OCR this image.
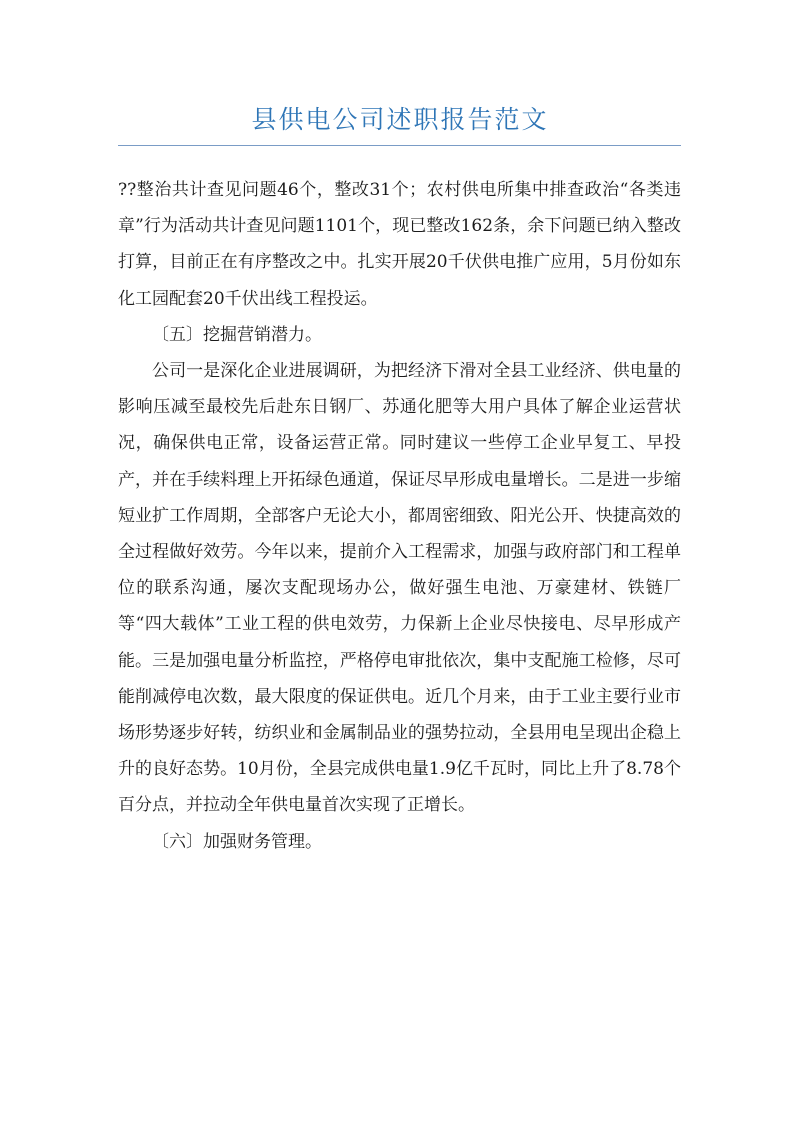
县供电公司述职报告范文

??整治共计查见问题46个，整改31个；农村供电所集中排查政治“各类违章”行为活动共计查见问题1101个，现已整改162条，余下问题已纳入整改打算，目前正在有序整改之中。扎实开展20千伏供电推广应用，5月份如东化工园配套20千伏出线工程投运。

〔五〕挖掘营销潜力。

公司一是深化企业进展调研，为把经济下滑对全县工业经济、供电量的影响压减至最校先后赴东日钢厂、苏通化肥等大用户具体了解企业运营状况，确保供电正常，设备运营正常。同时建议一些停工企业早复工、早投产，并在手续料理上开拓绿色通道，保证尽早形成电量增长。二是进一步缩短业扩工作周期，全部客户无论大小，都周密细致、阳光公开、快捷高效的全过程做好效劳。今年以来，提前介入工程需求，加强与政府部门和工程单位的联系沟通，屡次支配现场办公，做好强生电池、万豪建材、铁链厂等“四大载体”工业工程的供电效劳，力保新上企业尽快接电、尽早形成产能。三是加强电量分析监控，严格停电审批依次，集中支配施工检修，尽可能削减停电次数，最大限度的保证供电。近几个月来，由于工业主要行业市场形势逐步好转，纺织业和金属制品业的强势拉动，全县用电呈现出企稳上升的良好态势。10月份，全县完成供电量1.9亿千瓦时，同比上升了8.78个百分点，并拉动全年供电量首次实现了正增长。

〔六〕加强财务管理。
